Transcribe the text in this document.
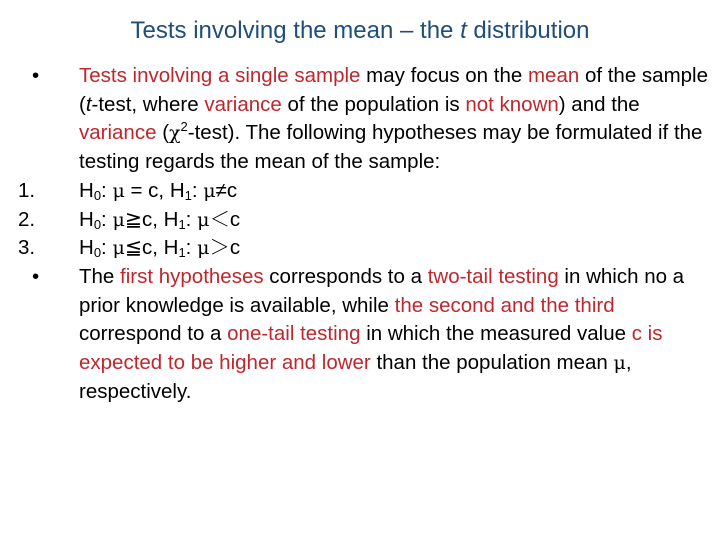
Tests involving the mean – the t distribution
•	Tests involving a single sample may focus on the mean of the sample (t-test, where variance of the population is not known) and the variance $(\chi^2-test)$. The following hypotheses may be formulated if the testing regards the mean of the sample:
1.	$H_0$: μ = c, $H_1$: μ≠c
2.	$H_0$: μ≧c, $H_1$: μ＜c
3.	$H_0$: μ≦c, $H_1$: μ＞c
•	The first hypotheses corresponds to a two-tail testing in which no a prior knowledge is available, while the second and the third correspond to a one-tail testing in which the measured value c is expected to be higher and lower than the population mean μ, respectively.
